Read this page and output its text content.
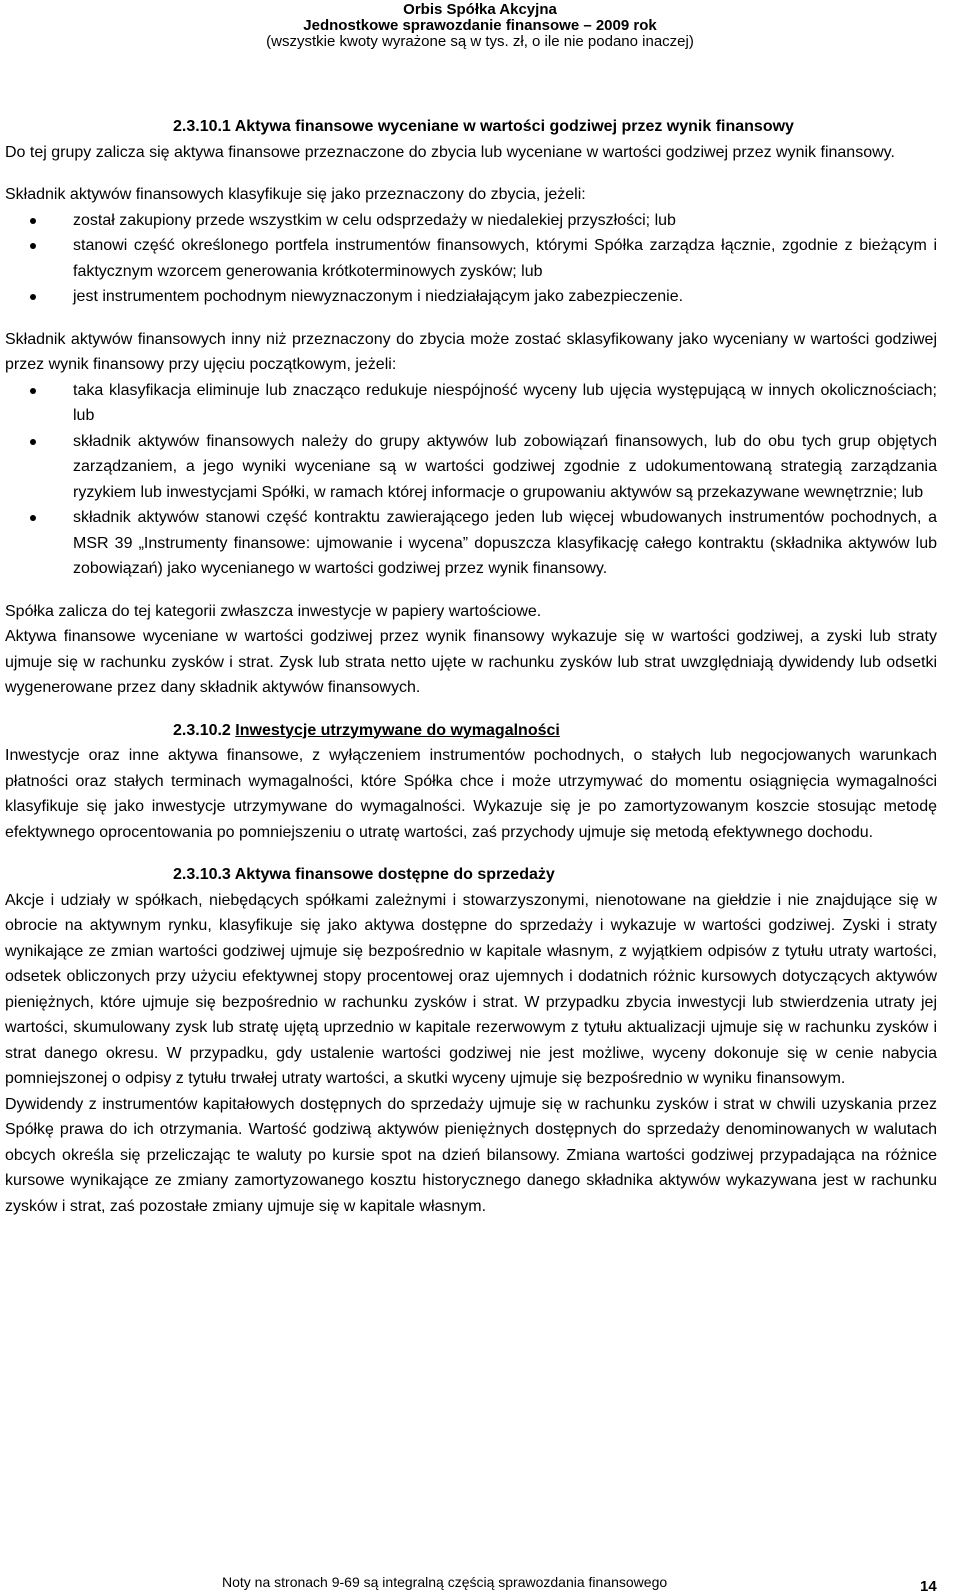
Orbis Spółka Akcyjna
Jednostkowe sprawozdanie finansowe – 2009 rok
(wszystkie kwoty wyrażone są w tys. zł, o ile nie podano inaczej)
2.3.10.1 Aktywa finansowe wyceniane w wartości godziwej przez wynik finansowy

Do tej grupy zalicza się aktywa finansowe przeznaczone do zbycia lub wyceniane w wartości godziwej przez wynik finansowy.

Składnik aktywów finansowych klasyfikuje się jako przeznaczony do zbycia, jeżeli:

został zakupiony przede wszystkim w celu odsprzedaży w niedalekiej przyszłości; lub
stanowi część określonego portfela instrumentów finansowych, którymi Spółka zarządza łącznie, zgodnie z bieżącym i faktycznym wzorcem generowania krótkoterminowych zysków; lub
jest instrumentem pochodnym niewyznaczonym i niedziałającym jako zabezpieczenie.

Składnik aktywów finansowych inny niż przeznaczony do zbycia może zostać sklasyfikowany jako wyceniany w wartości godziwej przez wynik finansowy przy ujęciu początkowym, jeżeli:

taka klasyfikacja eliminuje lub znacząco redukuje niespójność wyceny lub ujęcia występującą w innych okolicznościach; lub
składnik aktywów finansowych należy do grupy aktywów lub zobowiązań finansowych, lub do obu tych grup objętych zarządzaniem, a jego wyniki wyceniane są w wartości godziwej zgodnie z udokumentowaną strategią zarządzania ryzykiem lub inwestycjami Spółki, w ramach której informacje o grupowaniu aktywów są przekazywane wewnętrznie; lub
składnik aktywów stanowi część kontraktu zawierającego jeden lub więcej wbudowanych instrumentów pochodnych, a MSR 39 „Instrumenty finansowe: ujmowanie i wycena” dopuszcza klasyfikację całego kontraktu (składnika aktywów lub zobowiązań) jako wycenianego w wartości godziwej przez wynik finansowy.

Spółka zalicza do tej kategorii zwłaszcza inwestycje w papiery wartościowe.

Aktywa finansowe wyceniane w wartości godziwej przez wynik finansowy wykazuje się w wartości godziwej, a zyski lub straty ujmuje się w rachunku zysków i strat. Zysk lub strata netto ujęte w rachunku zysków lub strat uwzględniają dywidendy lub odsetki wygenerowane przez dany składnik aktywów finansowych.

2.3.10.2 Inwestycje utrzymywane do wymagalności

Inwestycje oraz inne aktywa finansowe, z wyłączeniem instrumentów pochodnych, o stałych lub negocjowanych warunkach płatności oraz stałych terminach wymagalności, które Spółka chce i może utrzymywać do momentu osiągnięcia wymagalności klasyfikuje się jako inwestycje utrzymywane do wymagalności. Wykazuje się je po zamortyzowanym koszcie stosując metodę efektywnego oprocentowania po pomniejszeniu o utratę wartości, zaś przychody ujmuje się metodą efektywnego dochodu.

2.3.10.3 Aktywa finansowe dostępne do sprzedaży

Akcje i udziały w spółkach, niebędących spółkami zależnymi i stowarzyszonymi, nienotowane na giełdzie i nie znajdujące się w obrocie na aktywnym rynku, klasyfikuje się jako aktywa dostępne do sprzedaży i wykazuje w wartości godziwej. Zyski i straty wynikające ze zmian wartości godziwej ujmuje się bezpośrednio w kapitale własnym, z wyjątkiem odpisów z tytułu utraty wartości, odsetek obliczonych przy użyciu efektywnej stopy procentowej oraz ujemnych i dodatnich różnic kursowych dotyczących aktywów pieniężnych, które ujmuje się bezpośrednio w rachunku zysków i strat. W przypadku zbycia inwestycji lub stwierdzenia utraty jej wartości, skumulowany zysk lub stratę ujętą uprzednio w kapitale rezerwowym z tytułu aktualizacji ujmuje się w rachunku zysków i strat danego okresu. W przypadku, gdy ustalenie wartości godziwej nie jest możliwe, wyceny dokonuje się w cenie nabycia pomniejszonej o odpisy z tytułu trwałej utraty wartości, a skutki wyceny ujmuje się bezpośrednio w wyniku finansowym.

Dywidendy z instrumentów kapitałowych dostępnych do sprzedaży ujmuje się w rachunku zysków i strat w chwili uzyskania przez Spółkę prawa do ich otrzymania. Wartość godziwą aktywów pieniężnych dostępnych do sprzedaży denominowanych w walutach obcych określa się przeliczając te waluty po kursie spot na dzień bilansowy. Zmiana wartości godziwej przypadająca na różnice kursowe wynikające ze zmiany zamortyzowanego kosztu historycznego danego składnika aktywów wykazywana jest w rachunku zysków i strat, zaś pozostałe zmiany ujmuje się w kapitale własnym.

Noty na stronach 9-69 są integralną częścią sprawozdania finansowego	14
